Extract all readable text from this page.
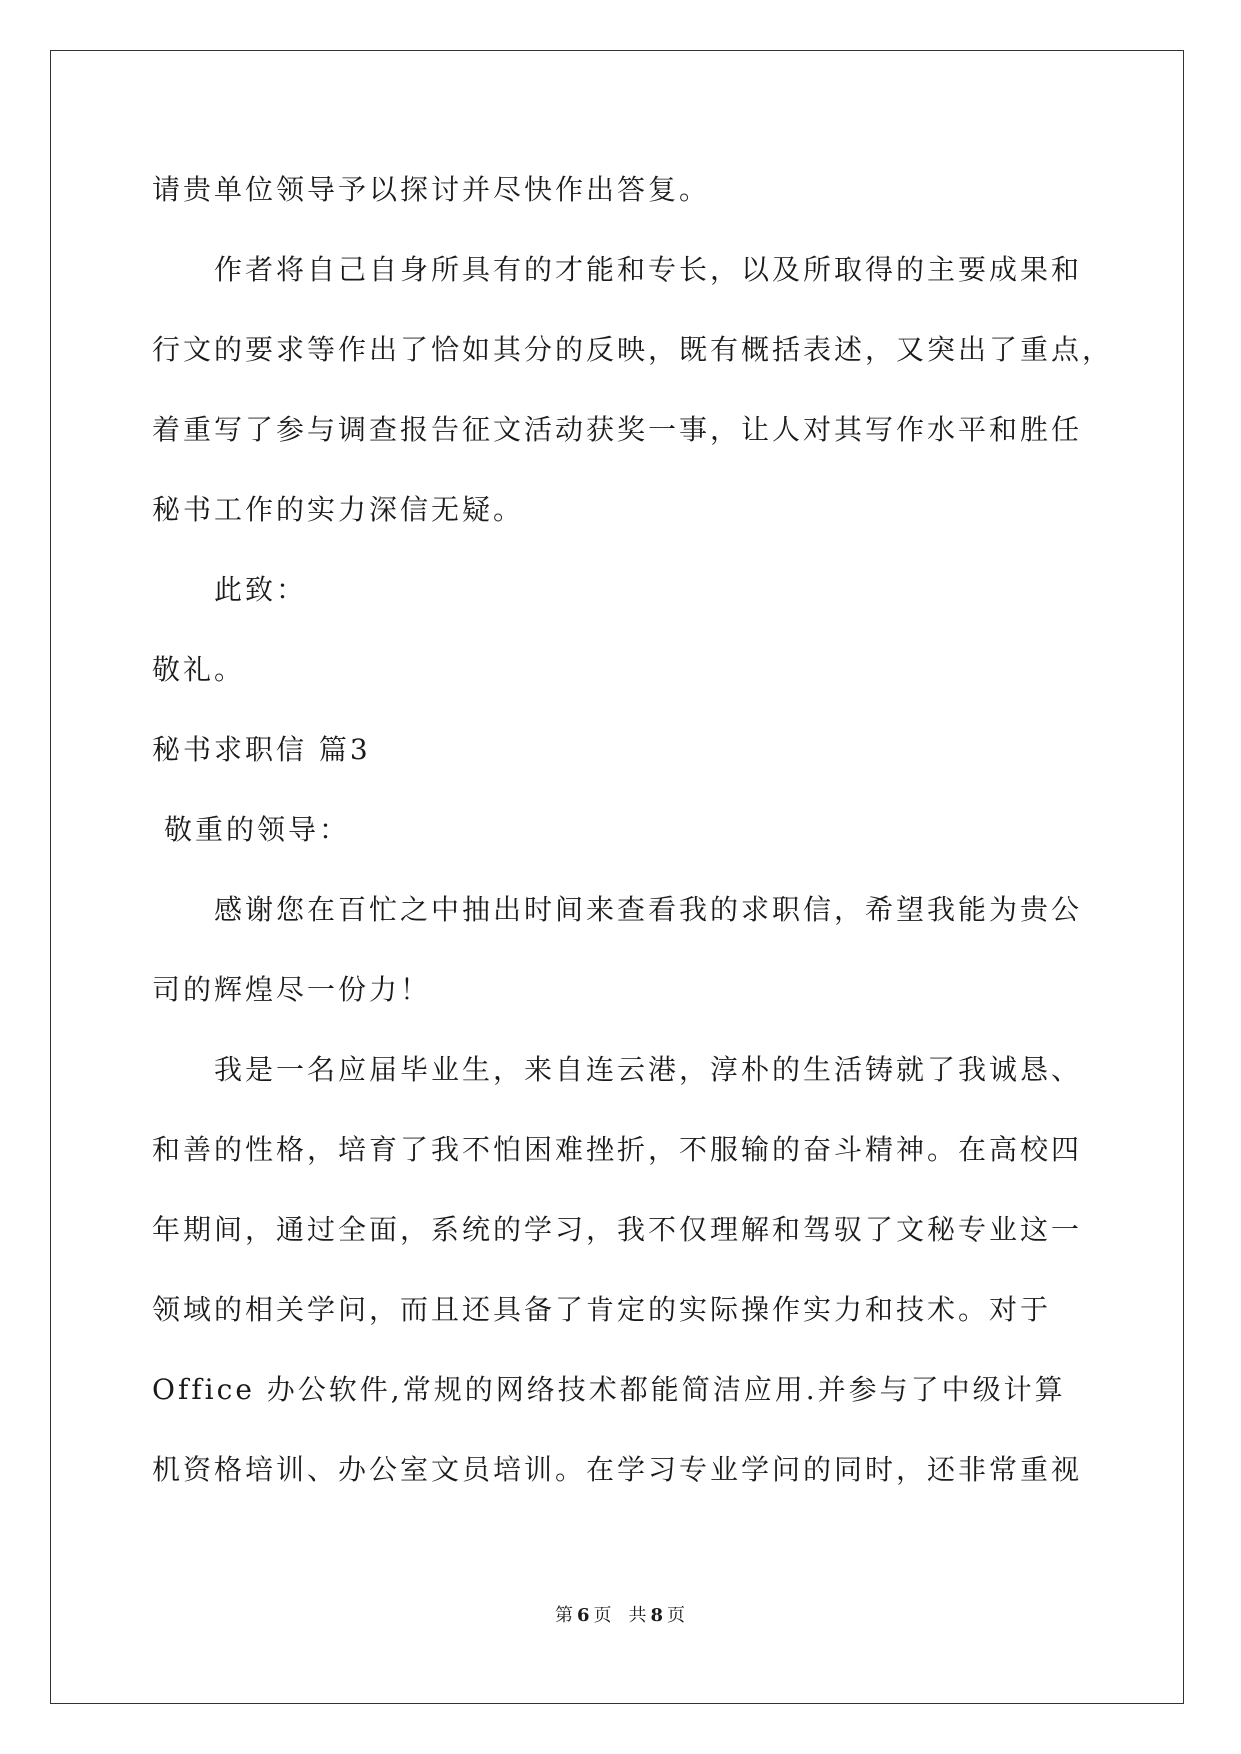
请贵单位领导予以探讨并尽快作出答复。
作者将自己自身所具有的才能和专长，以及所取得的主要成果和
行文的要求等作出了恰如其分的反映，既有概括表述，又突出了重点，
着重写了参与调查报告征文活动获奖一事，让人对其写作水平和胜任
秘书工作的实力深信无疑。
此致：
敬礼。
秘书求职信 篇3
敬重的领导：
感谢您在百忙之中抽出时间来查看我的求职信，希望我能为贵公
司的辉煌尽一份力！
我是一名应届毕业生，来自连云港，淳朴的生活铸就了我诚恳、
和善的性格，培育了我不怕困难挫折，不服输的奋斗精神。在高校四
年期间，通过全面，系统的学习，我不仅理解和驾驭了文秘专业这一
领域的相关学问，而且还具备了肯定的实际操作实力和技术。对于
Office 办公软件,常规的网络技术都能简洁应用.并参与了中级计算
机资格培训、办公室文员培训。在学习专业学问的同时，还非常重视
第 6 页 共 8 页
